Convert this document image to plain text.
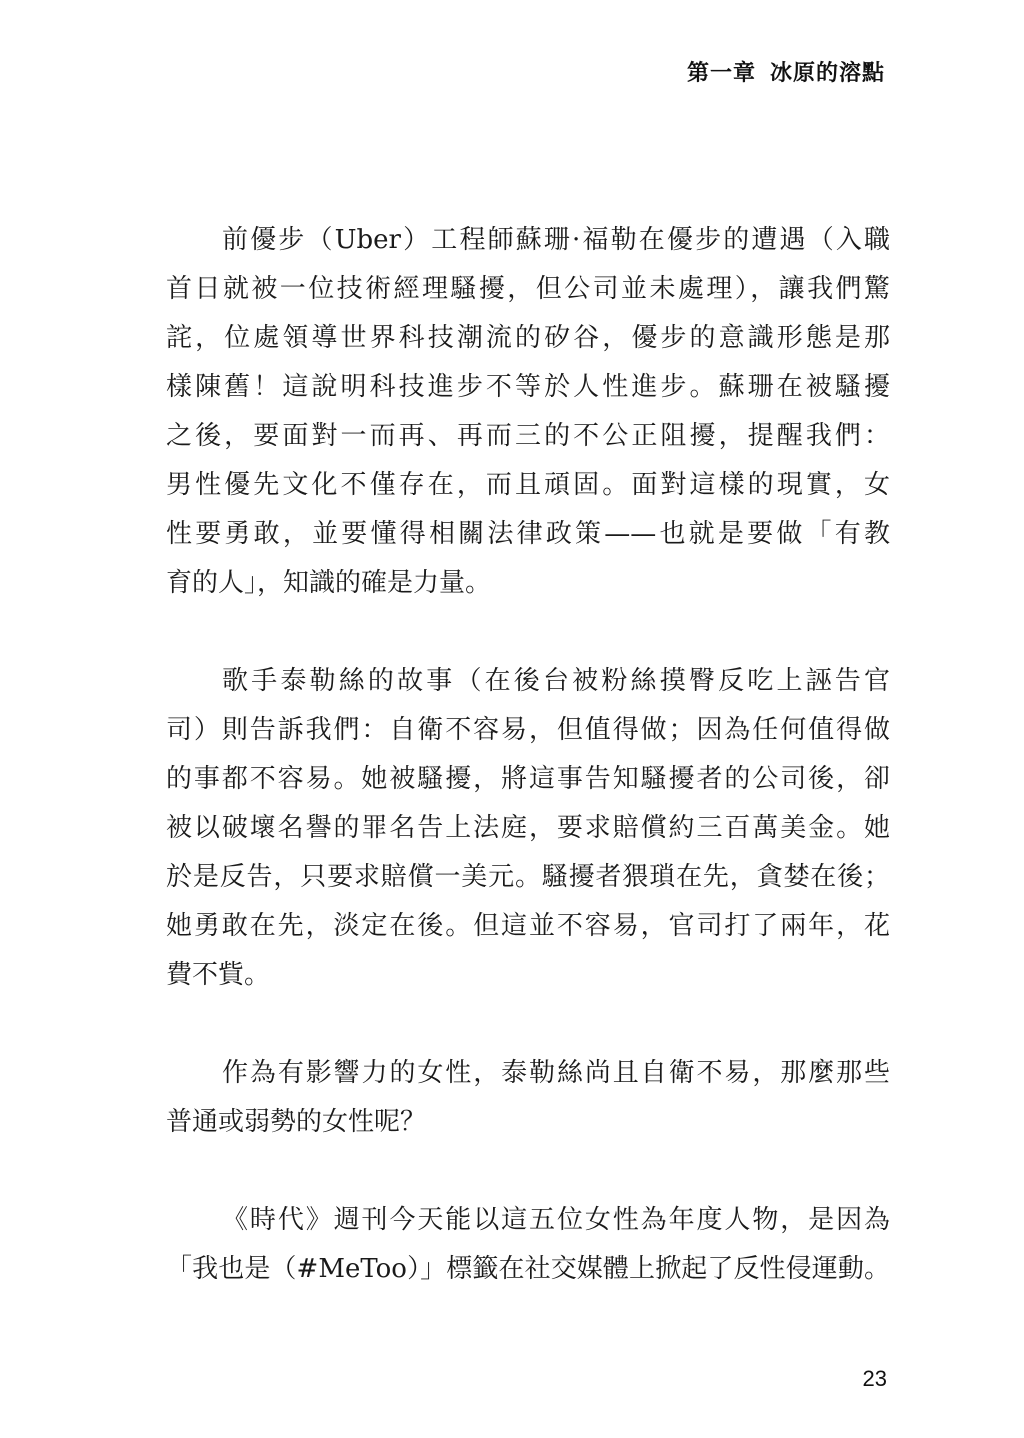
第一章 冰原的溶點
前優步（Uber）工程師蘇珊·福勒在優步的遭遇（入職
首日就被一位技術經理騷擾，但公司並未處理），讓我們驚
詫，位處領導世界科技潮流的矽谷，優步的意識形態是那
樣陳舊！這說明科技進步不等於人性進步。蘇珊在被騷擾
之後，要面對一而再、再而三的不公正阻擾，提醒我們：
男性優先文化不僅存在，而且頑固。面對這樣的現實，女
性要勇敢，並要懂得相關法律政策——也就是要做「有教
育的人」，知識的確是力量。
歌手泰勒絲的故事（在後台被粉絲摸臀反吃上誣告官
司）則告訴我們：自衛不容易，但值得做；因為任何值得做
的事都不容易。她被騷擾，將這事告知騷擾者的公司後，卻
被以破壞名譽的罪名告上法庭，要求賠償約三百萬美金。她
於是反告，只要求賠償一美元。騷擾者猥瑣在先，貪婪在後；
她勇敢在先，淡定在後。但這並不容易，官司打了兩年，花
費不貲。
作為有影響力的女性，泰勒絲尚且自衛不易，那麼那些
普通或弱勢的女性呢？
《時代》週刊今天能以這五位女性為年度人物，是因為
「我也是（#MeToo）」標籤在社交媒體上掀起了反性侵運動。
23
